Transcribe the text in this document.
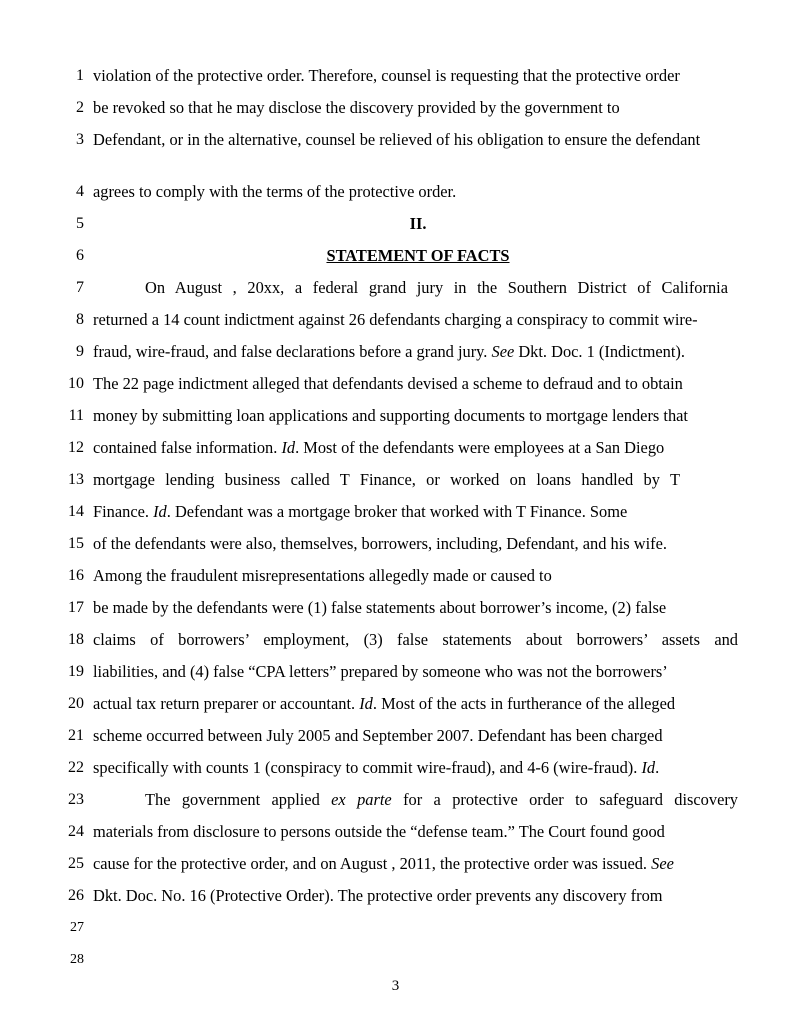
1 violation of the protective order. Therefore, counsel is requesting that the protective order
2 be revoked so that he may disclose the discovery provided by the government to
3 Defendant, or in the alternative, counsel be relieved of his obligation to ensure the defendant
4 agrees to comply with the terms of the protective order.
5	II.
6	STATEMENT OF FACTS
7	On August , 20xx, a federal grand jury in the Southern District of California
8 returned a 14 count indictment against 26 defendants charging a conspiracy to commit wire-
9 fraud, wire-fraud, and false declarations before a grand jury. See Dkt. Doc. 1 (Indictment).
10 The 22 page indictment alleged that defendants devised a scheme to defraud and to obtain
11 money by submitting loan applications and supporting documents to mortgage lenders that
12 contained false information. Id. Most of the defendants were employees at a San Diego
13 mortgage lending business called T Finance, or worked on loans handled by T
14 Finance. Id. Defendant was a mortgage broker that worked with T Finance. Some
15 of the defendants were also, themselves, borrowers, including, Defendant, and his wife.
16 Among the fraudulent misrepresentations allegedly made or caused to
17 be made by the defendants were (1) false statements about borrower’s income, (2) false
18 claims of borrowers’ employment, (3) false statements about borrowers’ assets and
19 liabilities, and (4) false “CPA letters” prepared by someone who was not the borrowers’
20 actual tax return preparer or accountant. Id. Most of the acts in furtherance of the alleged
21 scheme occurred between July 2005 and September 2007. Defendant has been charged
22 specifically with counts 1 (conspiracy to commit wire-fraud), and 4-6 (wire-fraud). Id.
23	The government applied ex parte for a protective order to safeguard discovery
24 materials from disclosure to persons outside the “defense team.” The Court found good
25 cause for the protective order, and on August , 2011, the protective order was issued. See
26 Dkt. Doc. No. 16 (Protective Order). The protective order prevents any discovery from
27
28
3
